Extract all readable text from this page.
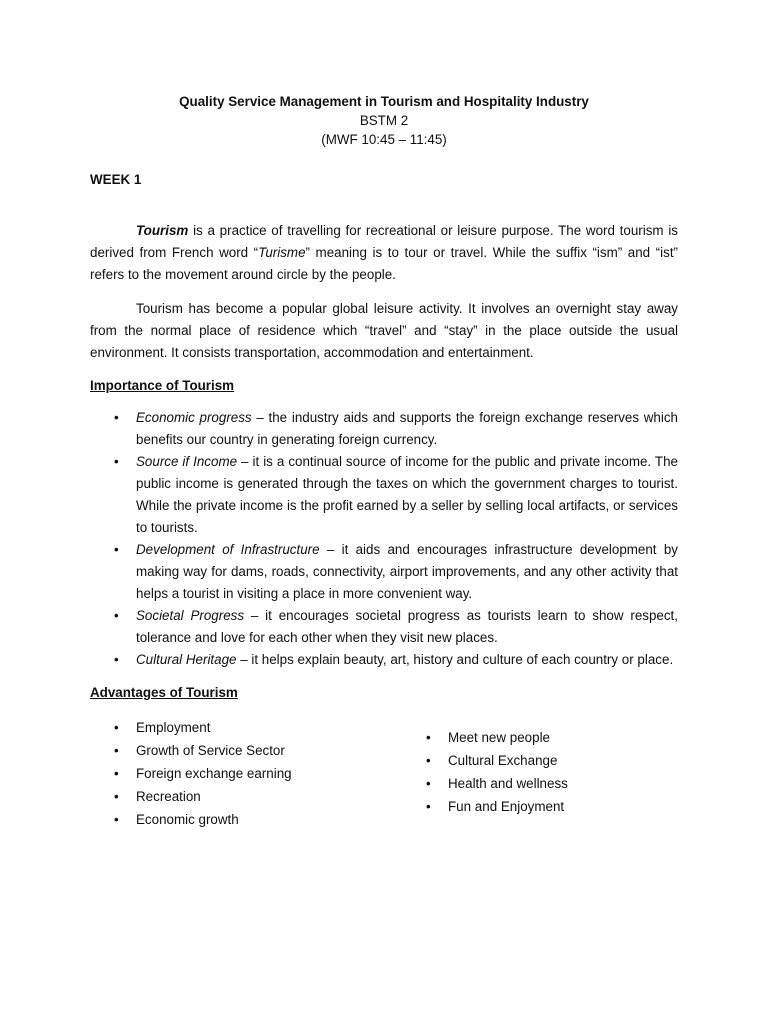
Quality Service Management in Tourism and Hospitality Industry
BSTM 2
(MWF 10:45 – 11:45)
WEEK 1

Tourism is a practice of travelling for recreational or leisure purpose. The word tourism is derived from French word “Turisme” meaning is to tour or travel. While the suffix “ism” and “ist” refers to the movement around circle by the people.

Tourism has become a popular global leisure activity. It involves an overnight stay away from the normal place of residence which “travel” and “stay” in the place outside the usual environment. It consists transportation, accommodation and entertainment.

Importance of Tourism
• Economic progress – the industry aids and supports the foreign exchange reserves which benefits our country in generating foreign currency.
• Source if Income – it is a continual source of income for the public and private income. The public income is generated through the taxes on which the government charges to tourist. While the private income is the profit earned by a seller by selling local artifacts, or services to tourists.
• Development of Infrastructure – it aids and encourages infrastructure development by making way for dams, roads, connectivity, airport improvements, and any other activity that helps a tourist in visiting a place in more convenient way.
• Societal Progress – it encourages societal progress as tourists learn to show respect, tolerance and love for each other when they visit new places.
• Cultural Heritage – it helps explain beauty, art, history and culture of each country or place.
Advantages of Tourism
• Employment
• Growth of Service Sector
• Foreign exchange earning
• Recreation
• Economic growth
• Meet new people
• Cultural Exchange
• Health and wellness
• Fun and Enjoyment
